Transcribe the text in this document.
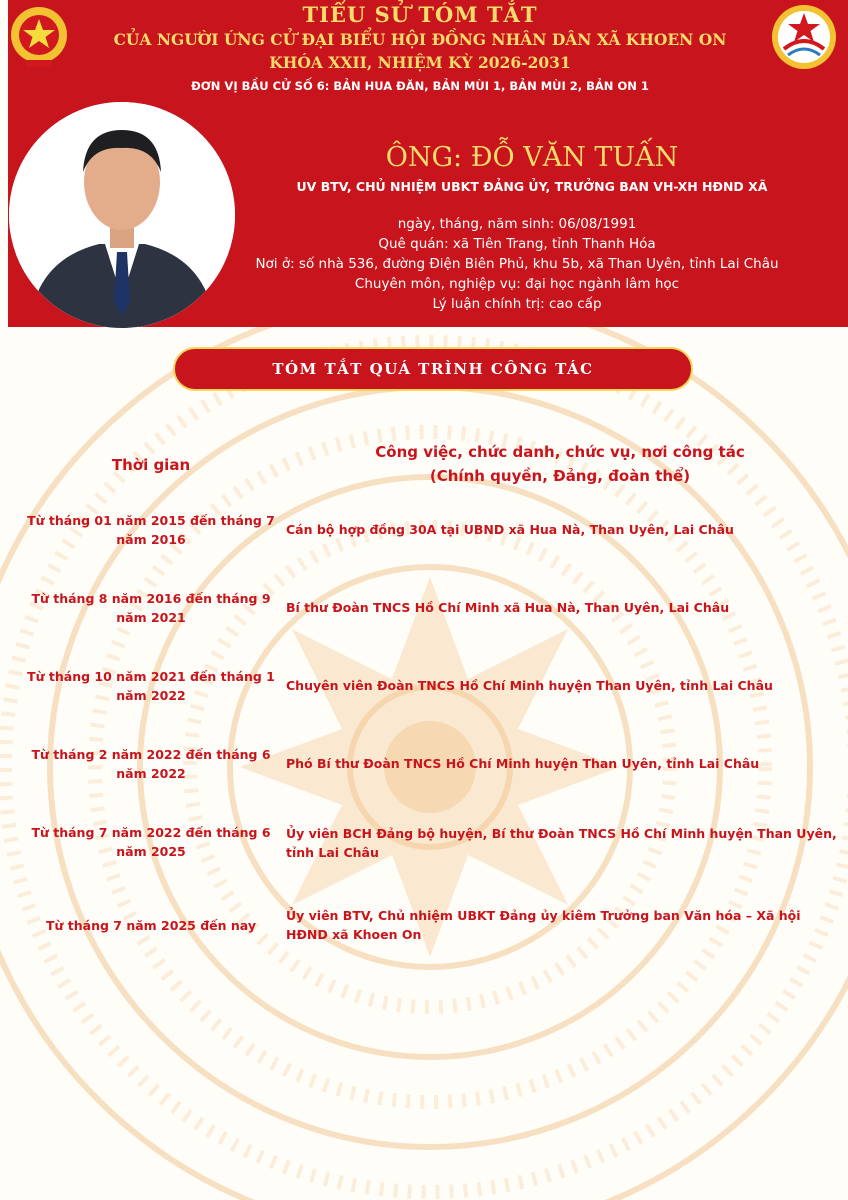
TIỂU SỬ TÓM TẮT
CỦA NGƯỜI ỨNG CỬ ĐẠI BIỂU HỘI ĐỒNG NHÂN DÂN XÃ KHOEN ON
KHÓA XXII, NHIỆM KỲ 2026-2031
ĐƠN VỊ BẦU CỬ SỐ 6: BẢN HUA ĐĂN, BẢN MÙI 1, BẢN MÙI 2, BẢN ON 1
ÔNG: ĐỖ VĂN TUẤN
UV BTV, CHỦ NHIỆM UBKT ĐẢNG ỦY, TRƯỞNG BAN VH-XH HĐND XÃ
ngày, tháng, năm sinh: 06/08/1991
Quê quán: xã Tiên Trang, tỉnh Thanh Hóa
Nơi ở: số nhà 536, đường Điện Biên Phủ, khu 5b, xã Than Uyên, tỉnh Lai Châu
Chuyên môn, nghiệp vụ: đại học ngành lâm học
Lý luận chính trị: cao cấp
TÓM TẮT QUÁ TRÌNH CÔNG TÁC
Thời gian
Công việc, chức danh, chức vụ, nơi công tác
(Chính quyền, Đảng, đoàn thể)
Từ tháng 01 năm 2015 đến tháng 7 năm 2016
Cán bộ hợp đồng 30A tại UBND xã Hua Nà, Than Uyên, Lai Châu
Từ tháng 8 năm 2016 đến tháng 9 năm 2021
Bí thư Đoàn TNCS Hồ Chí Minh xã Hua Nà, Than Uyên, Lai Châu
Từ tháng 10 năm 2021 đến tháng 1 năm 2022
Chuyên viên Đoàn TNCS Hồ Chí Minh huyện Than Uyên, tỉnh Lai Châu
Từ tháng 2 năm 2022 đến tháng 6 năm 2022
Phó Bí thư Đoàn TNCS Hồ Chí Minh huyện Than Uyên, tỉnh Lai Châu
Từ tháng 7 năm 2022 đến tháng 6 năm 2025
Ủy viên BCH Đảng bộ huyện, Bí thư Đoàn TNCS Hồ Chí Minh huyện Than Uyên, tỉnh Lai Châu
Từ tháng 7 năm 2025 đến nay
Ủy viên BTV, Chủ nhiệm UBKT Đảng ủy kiêm Trưởng ban Văn hóa – Xã hội HĐND xã Khoen On
